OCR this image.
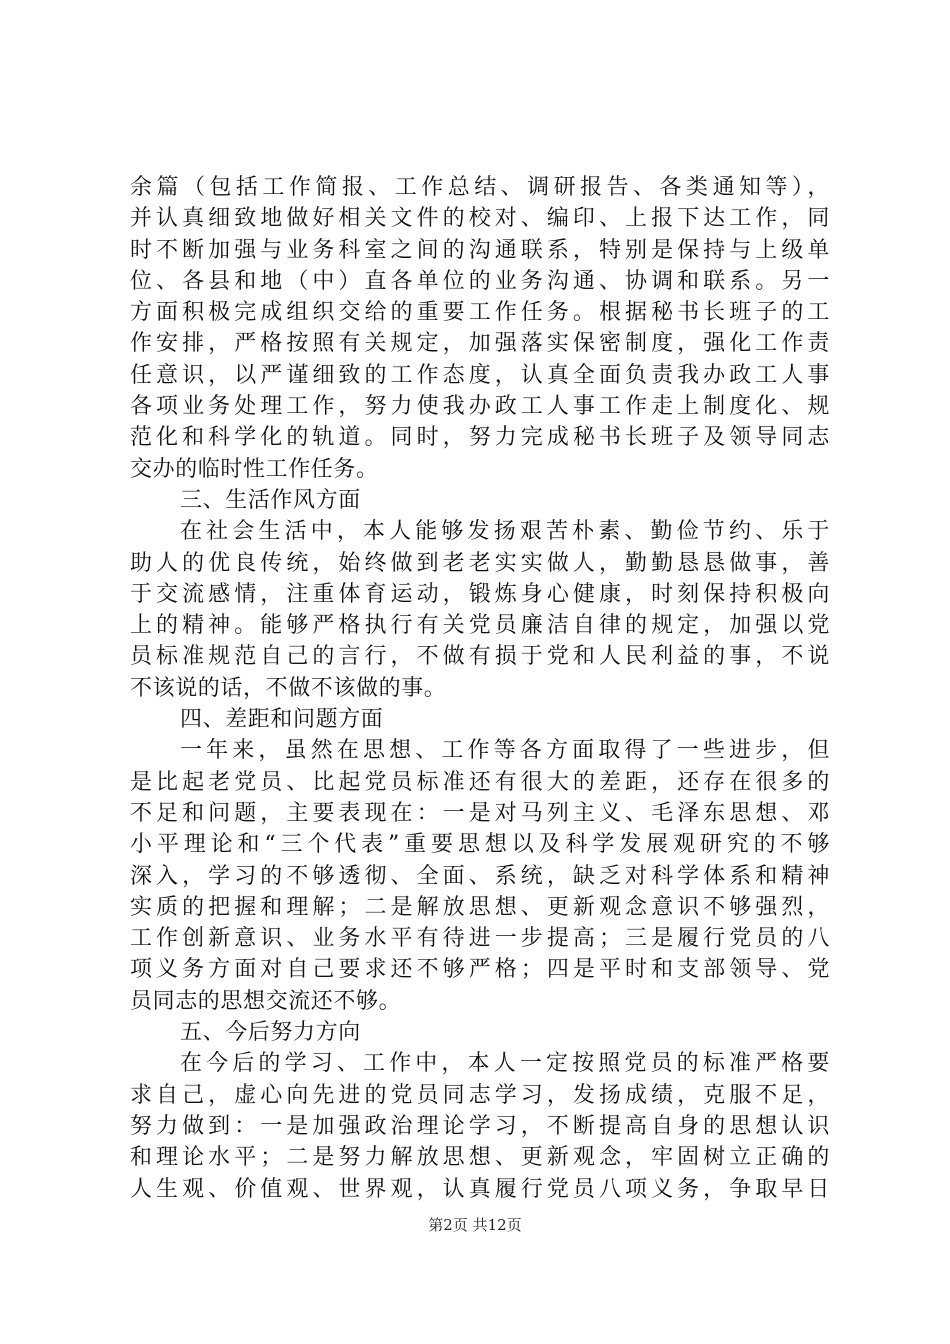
余篇（包括工作简报、工作总结、调研报告、各类通知等），
并认真细致地做好相关文件的校对、编印、上报下达工作，同
时不断加强与业务科室之间的沟通联系，特别是保持与上级单
位、各县和地（中）直各单位的业务沟通、协调和联系。另一
方面积极完成组织交给的重要工作任务。根据秘书长班子的工
作安排，严格按照有关规定，加强落实保密制度，强化工作责
任意识，以严谨细致的工作态度，认真全面负责我办政工人事
各项业务处理工作，努力使我办政工人事工作走上制度化、规
范化和科学化的轨道。同时，努力完成秘书长班子及领导同志
交办的临时性工作任务。
三、生活作风方面
在社会生活中，本人能够发扬艰苦朴素、勤俭节约、乐于
助人的优良传统，始终做到老老实实做人，勤勤恳恳做事，善
于交流感情，注重体育运动，锻炼身心健康，时刻保持积极向
上的精神。能够严格执行有关党员廉洁自律的规定，加强以党
员标准规范自己的言行，不做有损于党和人民利益的事，不说
不该说的话，不做不该做的事。
四、差距和问题方面
一年来，虽然在思想、工作等各方面取得了一些进步，但
是比起老党员、比起党员标准还有很大的差距，还存在很多的
不足和问题，主要表现在：一是对马列主义、毛泽东思想、邓
小平理论和“三个代表”重要思想以及科学发展观研究的不够
深入，学习的不够透彻、全面、系统，缺乏对科学体系和精神
实质的把握和理解；二是解放思想、更新观念意识不够强烈，
工作创新意识、业务水平有待进一步提高；三是履行党员的八
项义务方面对自己要求还不够严格；四是平时和支部领导、党
员同志的思想交流还不够。
五、今后努力方向
在今后的学习、工作中，本人一定按照党员的标准严格要
求自己，虚心向先进的党员同志学习，发扬成绩，克服不足，
努力做到：一是加强政治理论学习，不断提高自身的思想认识
和理论水平；二是努力解放思想、更新观念，牢固树立正确的
人生观、价值观、世界观，认真履行党员八项义务，争取早日
第2页 共12页
